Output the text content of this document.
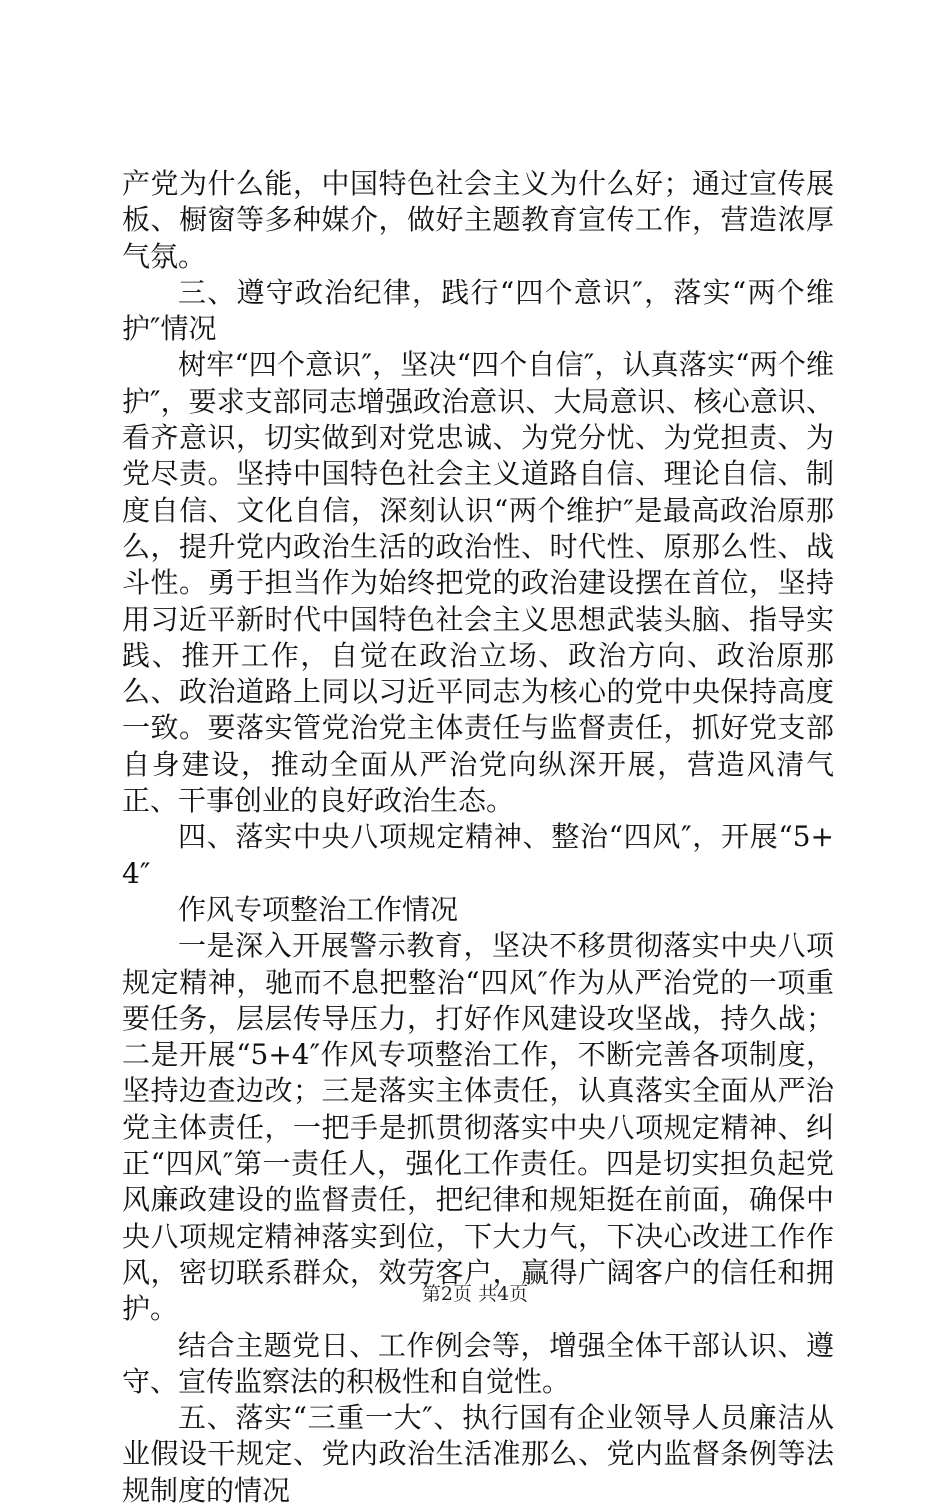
产党为什么能，中国特色社会主义为什么好；通过宣传展板、橱窗等多种媒介，做好主题教育宣传工作，营造浓厚气氛。

三、遵守政治纪律，践行“四个意识″，落实“两个维护″情况

树牢“四个意识″，坚决“四个自信″，认真落实“两个维护″，要求支部同志增强政治意识、大局意识、核心意识、看齐意识，切实做到对党忠诚、为党分忧、为党担责、为党尽责。坚持中国特色社会主义道路自信、理论自信、制度自信、文化自信，深刻认识“两个维护″是最高政治原那么，提升党内政治生活的政治性、时代性、原那么性、战斗性。勇于担当作为始终把党的政治建设摆在首位，坚持用习近平新时代中国特色社会主义思想武装头脑、指导实践、推开工作，自觉在政治立场、政治方向、政治原那么、政治道路上同以习近平同志为核心的党中央保持高度一致。要落实管党治党主体责任与监督责任，抓好党支部自身建设，推动全面从严治党向纵深开展，营造风清气正、干事创业的良好政治生态。

四、落实中央八项规定精神、整治“四风″，开展“5+4″

作风专项整治工作情况

一是深入开展警示教育，坚决不移贯彻落实中央八项规定精神，驰而不息把整治“四风″作为从严治党的一项重要任务，层层传导压力，打好作风建设攻坚战，持久战；二是开展“5+4″作风专项整治工作，不断完善各项制度，坚持边查边改；三是落实主体责任，认真落实全面从严治党主体责任，一把手是抓贯彻落实中央八项规定精神、纠正“四风″第一责任人，强化工作责任。四是切实担负起党风廉政建设的监督责任，把纪律和规矩挺在前面，确保中央八项规定精神落实到位，下大力气，下决心改进工作作风，密切联系群众，效劳客户，赢得广阔客户的信任和拥护。

结合主题党日、工作例会等，增强全体干部认识、遵守、宣传监察法的积极性和自觉性。

五、落实“三重一大″、执行国有企业领导人员廉洁从业假设干规定、党内政治生活准那么、党内监督条例等法规制度的情况

第2页 共4页
